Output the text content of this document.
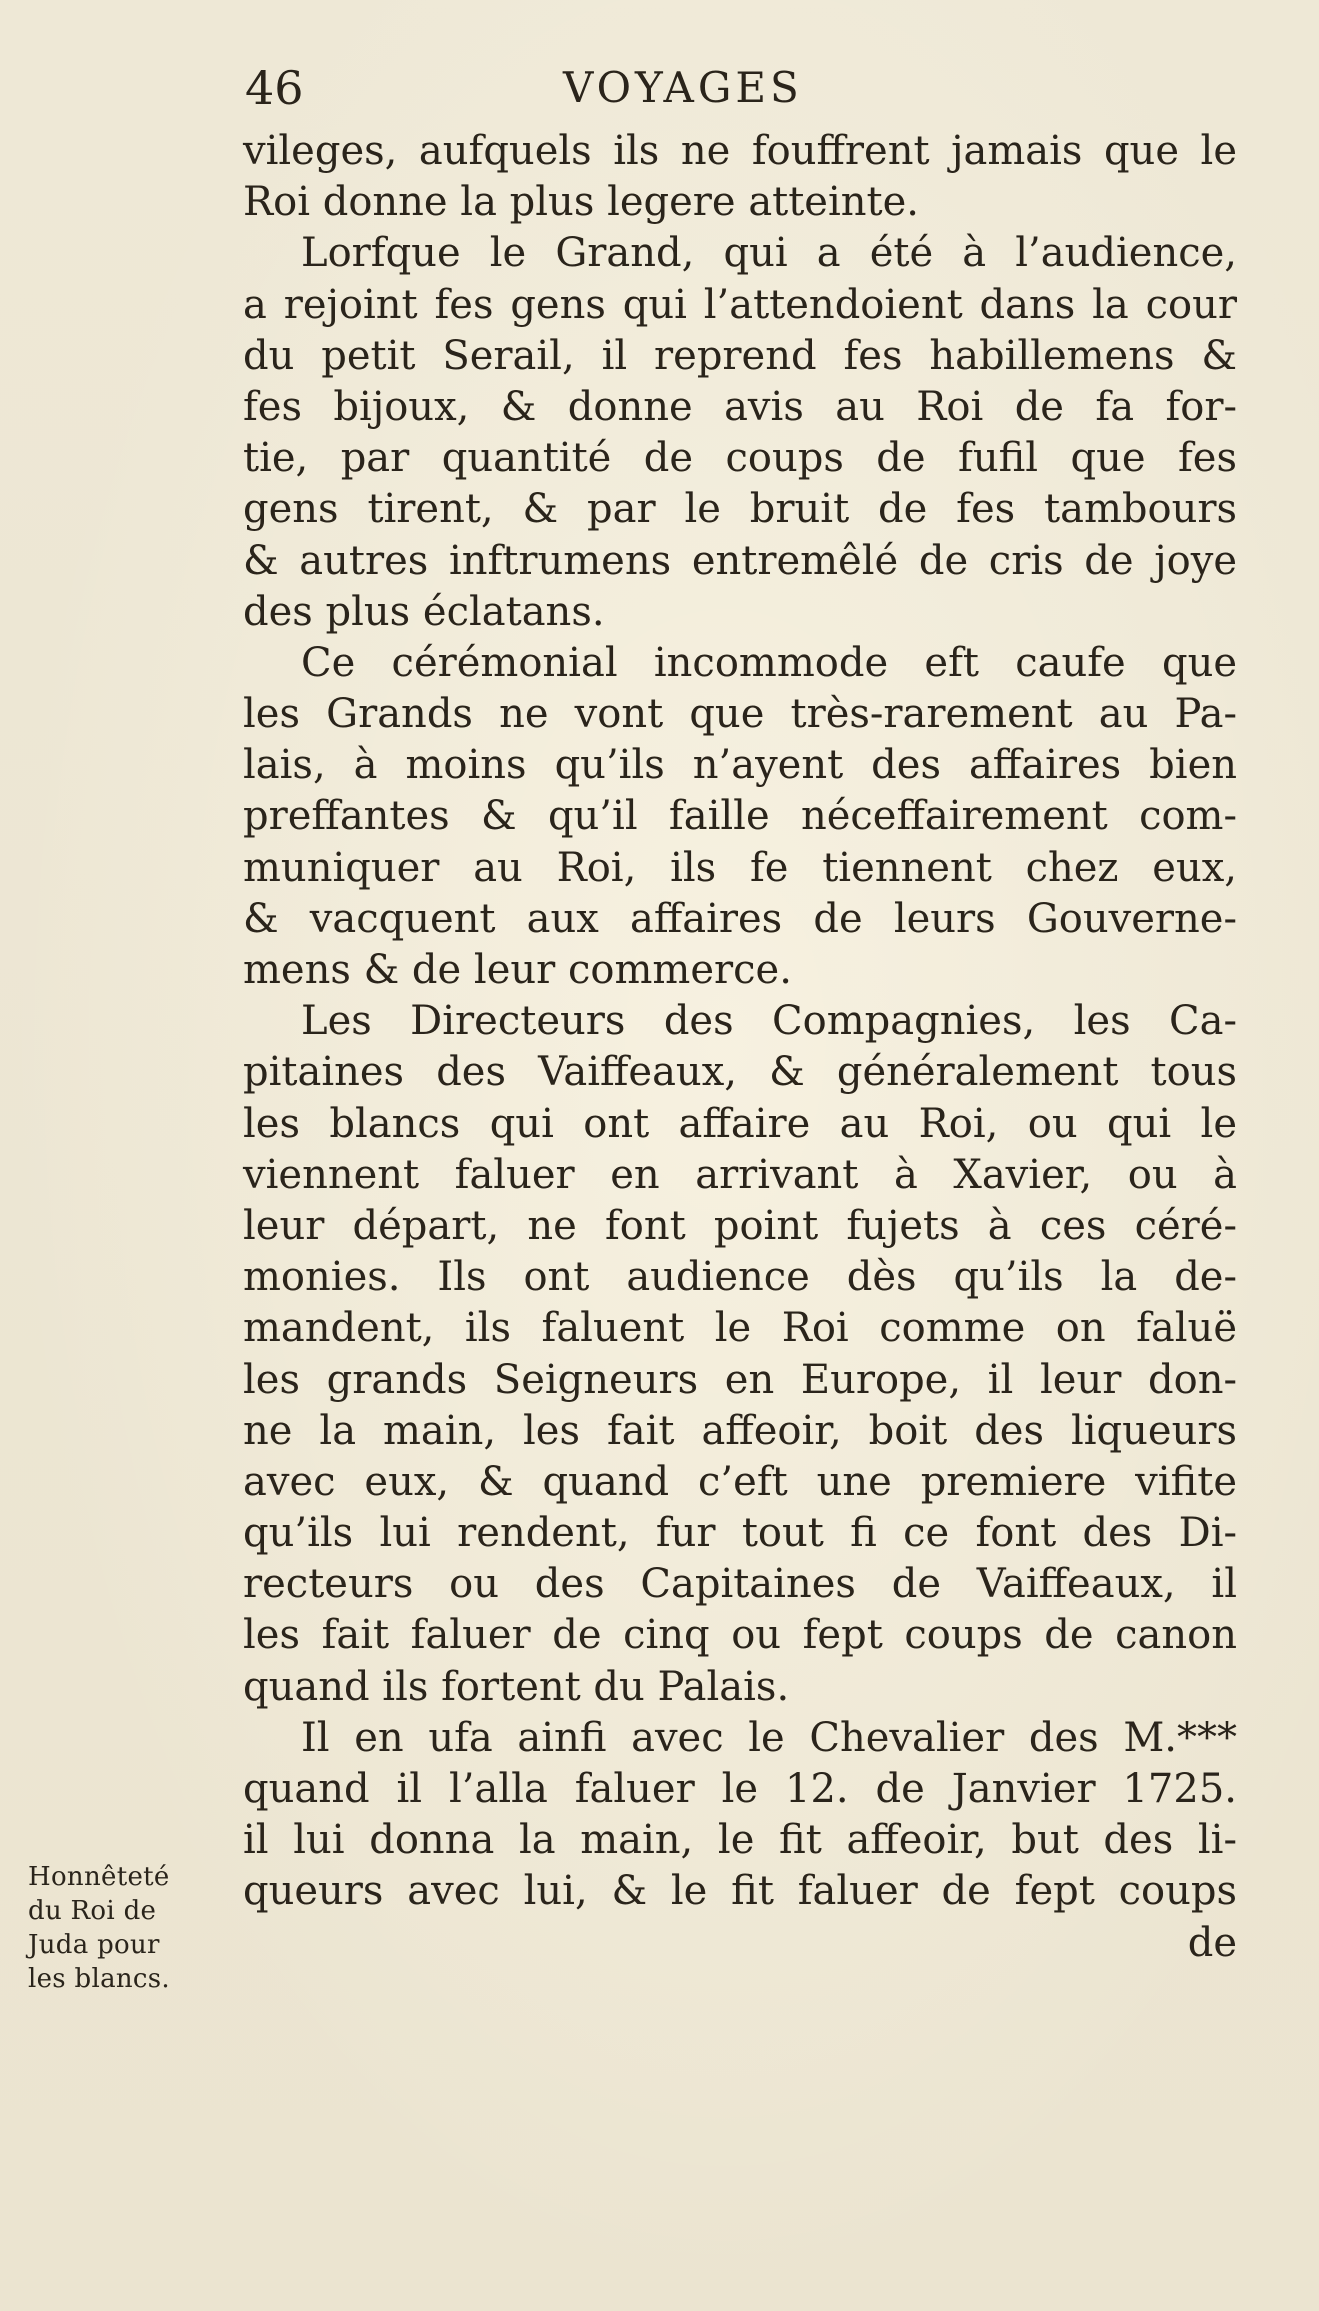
46	VOYAGES
vileges, aufquels ils ne fouffrent jamais que le
Roi donne la plus legere atteinte.
Lorfque le Grand, qui a été à l’audience,
a rejoint fes gens qui l’attendoient dans la cour
du petit Serail, il reprend fes habillemens &
fes bijoux, & donne avis au Roi de fa for-
tie, par quantité de coups de fufil que fes
gens tirent, & par le bruit de fes tambours
& autres inftrumens entremêlé de cris de joye
des plus éclatans.
Ce cérémonial incommode eft caufe que
les Grands ne vont que très-rarement au Pa-
lais, à moins qu’ils n’ayent des affaires bien
preffantes & qu’il faille néceffairement com-
muniquer au Roi, ils fe tiennent chez eux,
& vacquent aux affaires de leurs Gouverne-
mens & de leur commerce.
Les Directeurs des Compagnies, les Ca-
pitaines des Vaiffeaux, & généralement tous
les blancs qui ont affaire au Roi, ou qui le
viennent faluer en arrivant à Xavier, ou à
leur départ, ne font point fujets à ces céré-
monies. Ils ont audience dès qu’ils la de-
mandent, ils faluent le Roi comme on faluë
les grands Seigneurs en Europe, il leur don-
ne la main, les fait affeoir, boit des liqueurs
avec eux, & quand c’eft une premiere vifite
qu’ils lui rendent, fur tout fi ce font des Di-
recteurs ou des Capitaines de Vaiffeaux, il
les fait faluer de cinq ou fept coups de canon
quand ils fortent du Palais.
Il en ufa ainfi avec le Chevalier des M.***
quand il l’alla faluer le 12. de Janvier 1725.
il lui donna la main, le fit affeoir, but des li-
queurs avec lui, & le fit faluer de fept coups
de
Honnêteté
du Roi de
Juda pour
les blancs.
